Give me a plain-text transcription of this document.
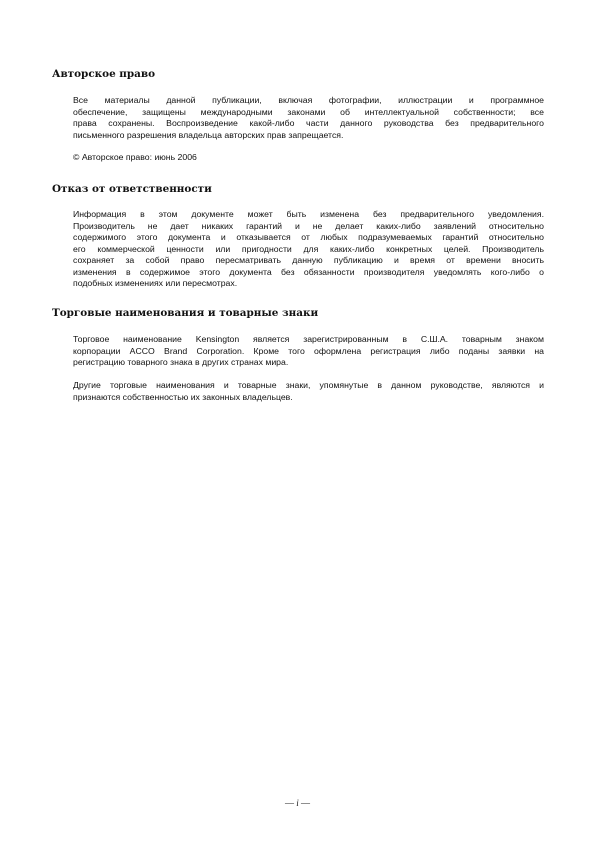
Авторское право

Все материалы данной публикации, включая фотографии, иллюстрации и программное
обеспечение, защищены международными законами об интеллектуальной собственности; все
права сохранены. Воспроизведение какой-либо части данного руководства без предварительного
письменного разрешения владельца авторских прав запрещается.

© Авторское право: июнь 2006

Отказ от ответственности

Информация в этом документе может быть изменена без предварительного уведомления.
Производитель не дает никаких гарантий и не делает каких-либо заявлений относительно
содержимого этого документа и отказывается от любых подразумеваемых гарантий относительно
его коммерческой ценности или пригодности для каких-либо конкретных целей. Производитель
сохраняет за собой право пересматривать данную публикацию и время от времени вносить
изменения в содержимое этого документа без обязанности производителя уведомлять кого-либо о
подобных изменениях или пересмотрах.

Торговые наименования и товарные знаки

Торговое наименование Kensington является зарегистрированным в С.Ш.А. товарным знаком
корпорации ACCO Brand Corporation. Кроме того оформлена регистрация либо поданы заявки на
регистрацию товарного знака в других странах мира.

Другие торговые наименования и товарные знаки, упомянутые в данном руководстве, являются и
признаются собственностью их законных владельцев.

— i —
